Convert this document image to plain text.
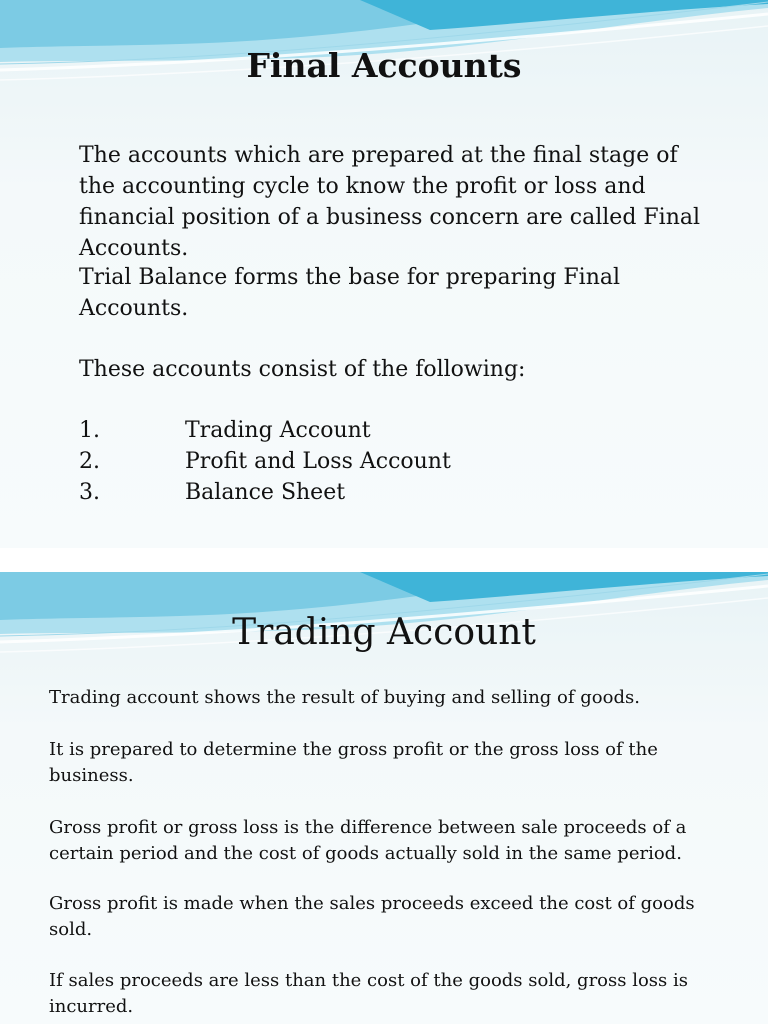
Final Accounts

The accounts which are prepared at the final stage of the accounting cycle to know the profit or loss and financial position of a business concern are called Final Accounts.

Trial Balance forms the base for preparing Final Accounts.

These accounts consist of the following:

1.	Trading Account
2.	Profit and Loss Account
3.	Balance Sheet
Trading Account

Trading account shows the result of buying and selling of goods.

It is prepared to determine the gross profit or the gross loss of the business.

Gross profit or gross loss is the difference between sale proceeds of a certain period and the cost of goods actually sold in the same period.

Gross profit is made when the sales proceeds exceed the cost of goods sold.

If sales proceeds are less than the cost of the goods sold, gross loss is incurred.
